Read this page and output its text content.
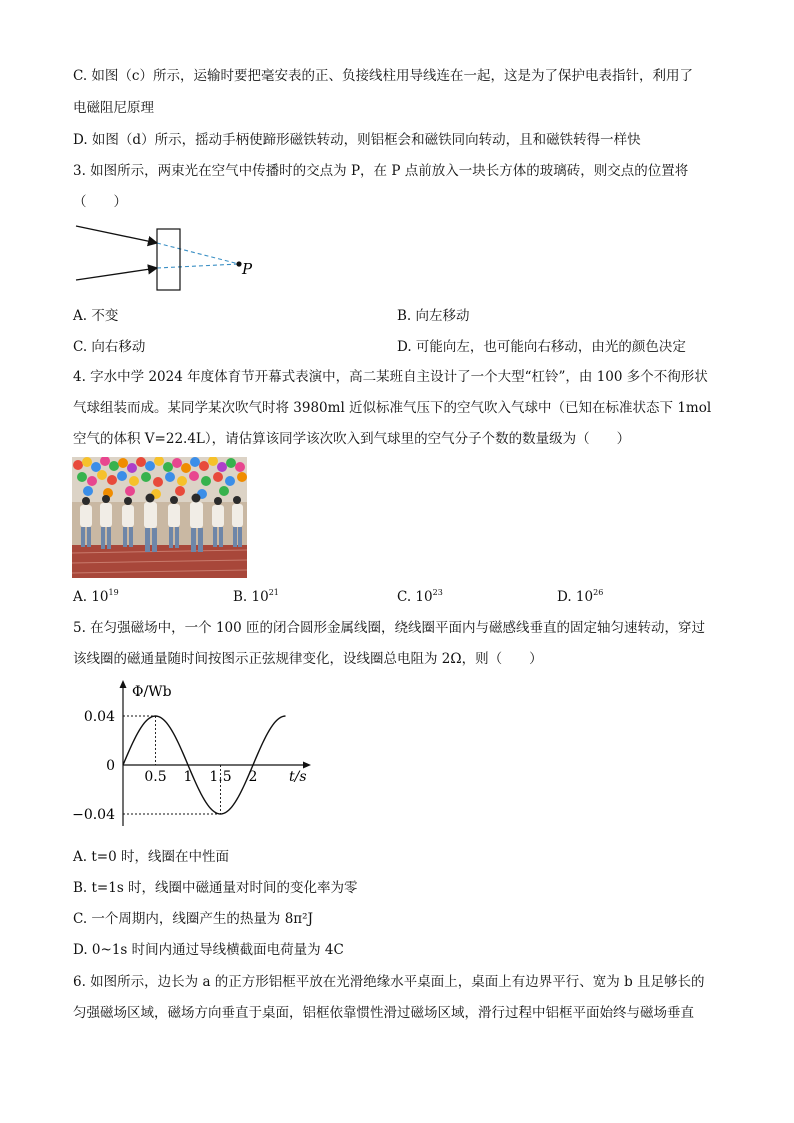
C. 如图（c）所示，运输时要把毫安表的正、负接线柱用导线连在一起，这是为了保护电表指针，利用了
电磁阻尼原理
D. 如图（d）所示，摇动手柄使蹄形磁铁转动，则铝框会和磁铁同向转动，且和磁铁转得一样快
3. 如图所示，两束光在空气中传播时的交点为 P，在 P 点前放入一块长方体的玻璃砖，则交点的位置将
（　　）
P
A. 不变	B. 向左移动
C. 向右移动	D. 可能向左，也可能向右移动，由光的颜色决定
4. 字水中学 2024 年度体育节开幕式表演中，高二某班自主设计了一个大型“杠铃”，由 100 多个不徇形状
气球组装而成。某同学某次吹气时将 3980ml 近似标准气压下的空气吹入气球中（已知在标准状态下 1mol
空气的体积 V=22.4L），请估算该同学该次吹入到气球里的空气分子个数的数量级为（　　）
A. $10^{19}$	B. $10^{21}$	C. $10^{23}$	D. $10^{26}$
5. 在匀强磁场中，一个 100 匝的闭合圆形金属线圈，绕线圈平面内与磁感线垂直的固定轴匀速转动，穿过
该线圈的磁通量随时间按图示正弦规律变化，设线圈总电阻为 2Ω，则（　　）
0.04
0
−0.04
0.5 1 1.5 2
Φ/Wb
t/s
A. t=0 时，线圈在中性面
B. t=1s 时，线圈中磁通量对时间的变化率为零
C. 一个周期内，线圈产生的热量为 8π²J
D. 0~1s 时间内通过导线横截面电荷量为 4C
6. 如图所示，边长为 a 的正方形铝框平放在光滑绝缘水平桌面上，桌面上有边界平行、宽为 b 且足够长的
匀强磁场区域，磁场方向垂直于桌面，铝框依靠惯性滑过磁场区域，滑行过程中铝框平面始终与磁场垂直
